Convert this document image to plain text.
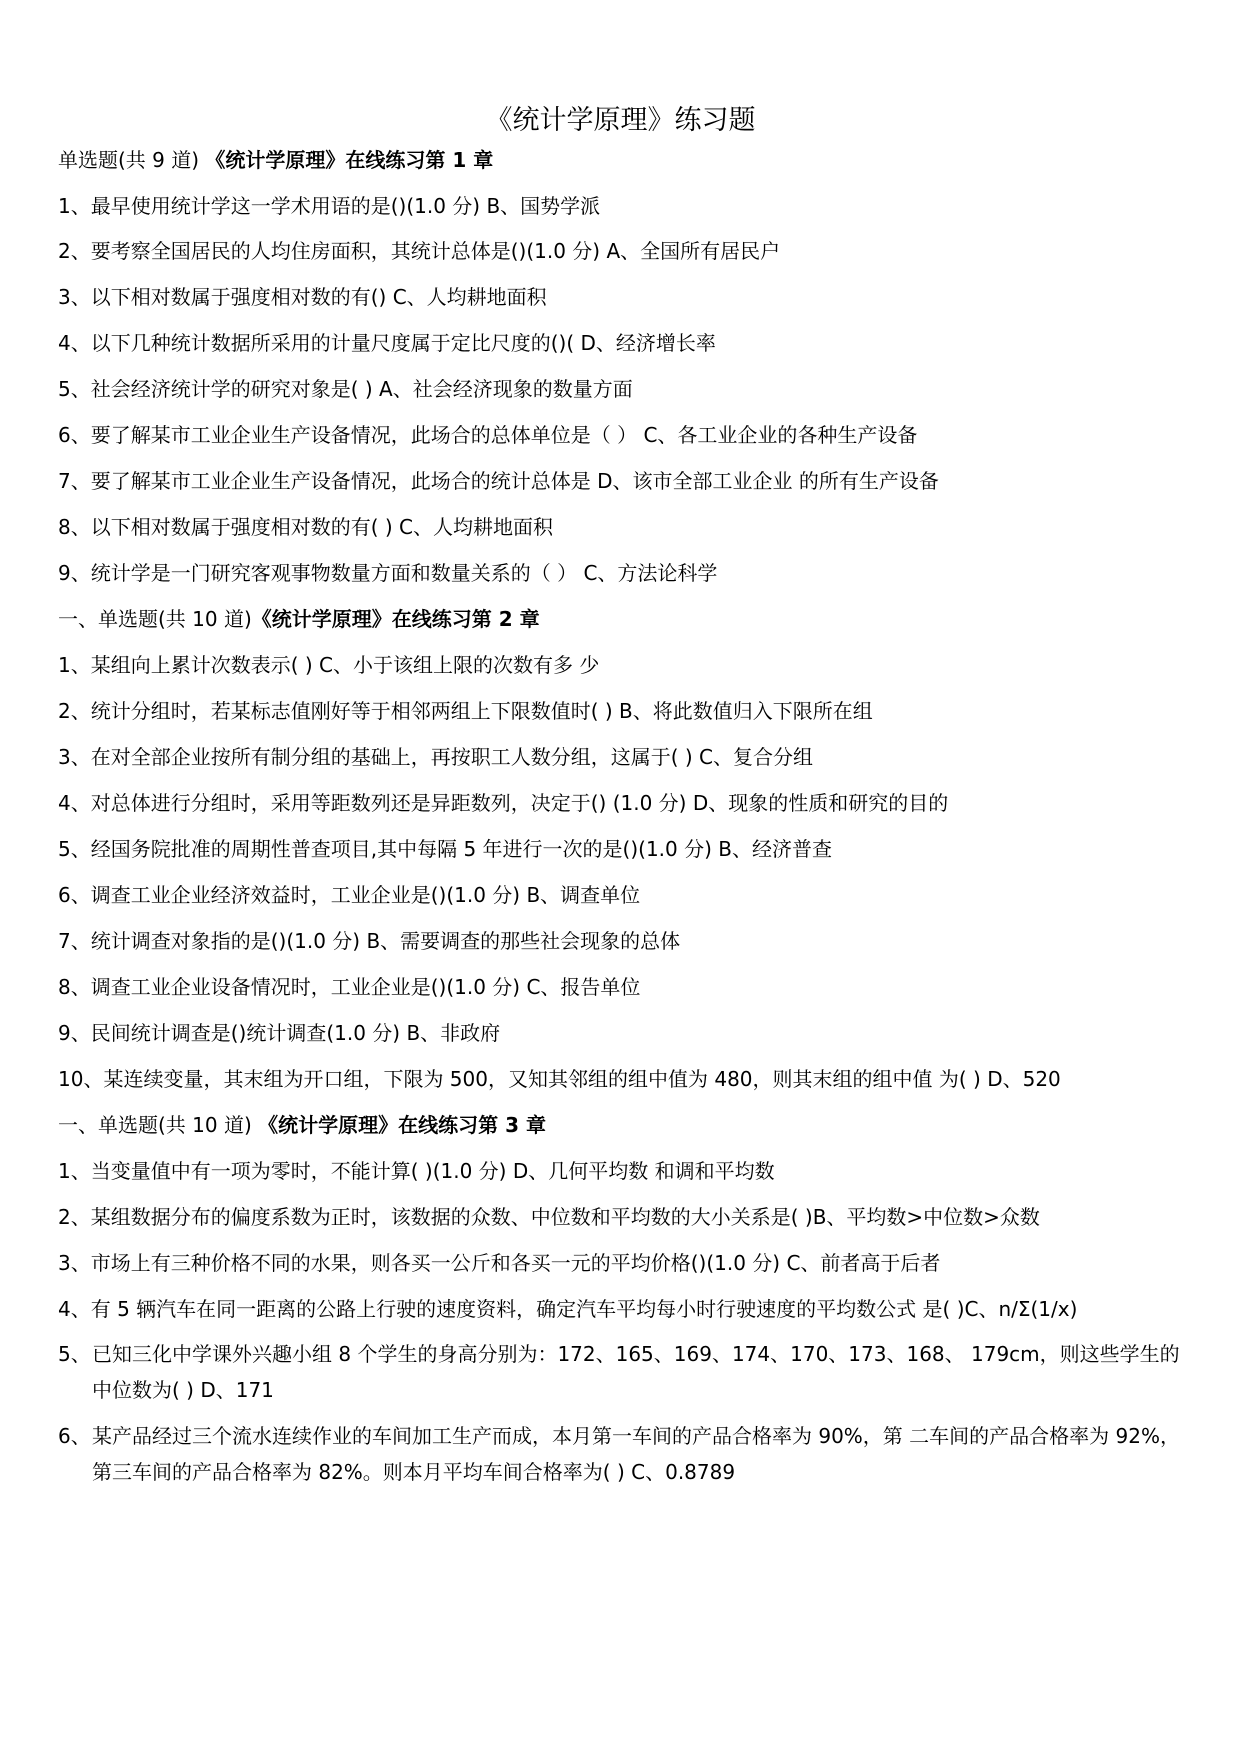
《统计学原理》练习题
单选题(共 9 道) 《统计学原理》在线练习第 1 章
1、最早使用统计学这一学术用语的是()(1.0 分) B、国势学派
2、要考察全国居民的人均住房面积，其统计总体是()(1.0 分) A、全国所有居民户
3、以下相对数属于强度相对数的有() C、人均耕地面积
4、以下几种统计数据所采用的计量尺度属于定比尺度的()( D、经济增长率
5、社会经济统计学的研究对象是( ) A、社会经济现象的数量方面
6、要了解某市工业企业生产设备情况，此场合的总体单位是（ ） C、各工业企业的各种生产设备
7、要了解某市工业企业生产设备情况，此场合的统计总体是 D、该市全部工业企业 的所有生产设备
8、以下相对数属于强度相对数的有( ) C、人均耕地面积
9、统计学是一门研究客观事物数量方面和数量关系的（ ） C、方法论科学
一、单选题(共 10 道)《统计学原理》在线练习第 2 章
1、某组向上累计次数表示( ) C、小于该组上限的次数有多 少
2、统计分组时，若某标志值刚好等于相邻两组上下限数值时( ) B、将此数值归入下限所在组
3、在对全部企业按所有制分组的基础上，再按职工人数分组，这属于( ) C、复合分组
4、对总体进行分组时，采用等距数列还是异距数列，决定于() (1.0 分) D、现象的性质和研究的目的
5、经国务院批准的周期性普查项目,其中每隔 5 年进行一次的是()(1.0 分) B、经济普查
6、调查工业企业经济效益时，工业企业是()(1.0 分) B、调查单位
7、统计调查对象指的是()(1.0 分) B、需要调查的那些社会现象的总体
8、调查工业企业设备情况时，工业企业是()(1.0 分) C、报告单位
9、民间统计调查是()统计调查(1.0 分) B、非政府
10、某连续变量，其末组为开口组，下限为 500，又知其邻组的组中值为 480，则其末组的组中值 为( ) D、520
一、单选题(共 10 道) 《统计学原理》在线练习第 3 章
1、当变量值中有一项为零时，不能计算( )(1.0 分) D、几何平均数 和调和平均数
2、某组数据分布的偏度系数为正时，该数据的众数、中位数和平均数的大小关系是( )B、平均数>中位数>众数
3、市场上有三种价格不同的水果，则各买一公斤和各买一元的平均价格()(1.0 分) C、前者高于后者
4、有 5 辆汽车在同一距离的公路上行驶的速度资料，确定汽车平均每小时行驶速度的平均数公式 是( )C、n/Σ(1/x)
5、 已知三化中学课外兴趣小组 8 个学生的身高分别为：172、165、169、174、170、173、168、 179cm，则这些学生的中位数为( ) D、171
6、 某产品经过三个流水连续作业的车间加工生产而成，本月第一车间的产品合格率为 90%，第 二车间的产品合格率为 92%，第三车间的产品合格率为 82%。则本月平均车间合格率为( ) C、0.8789
